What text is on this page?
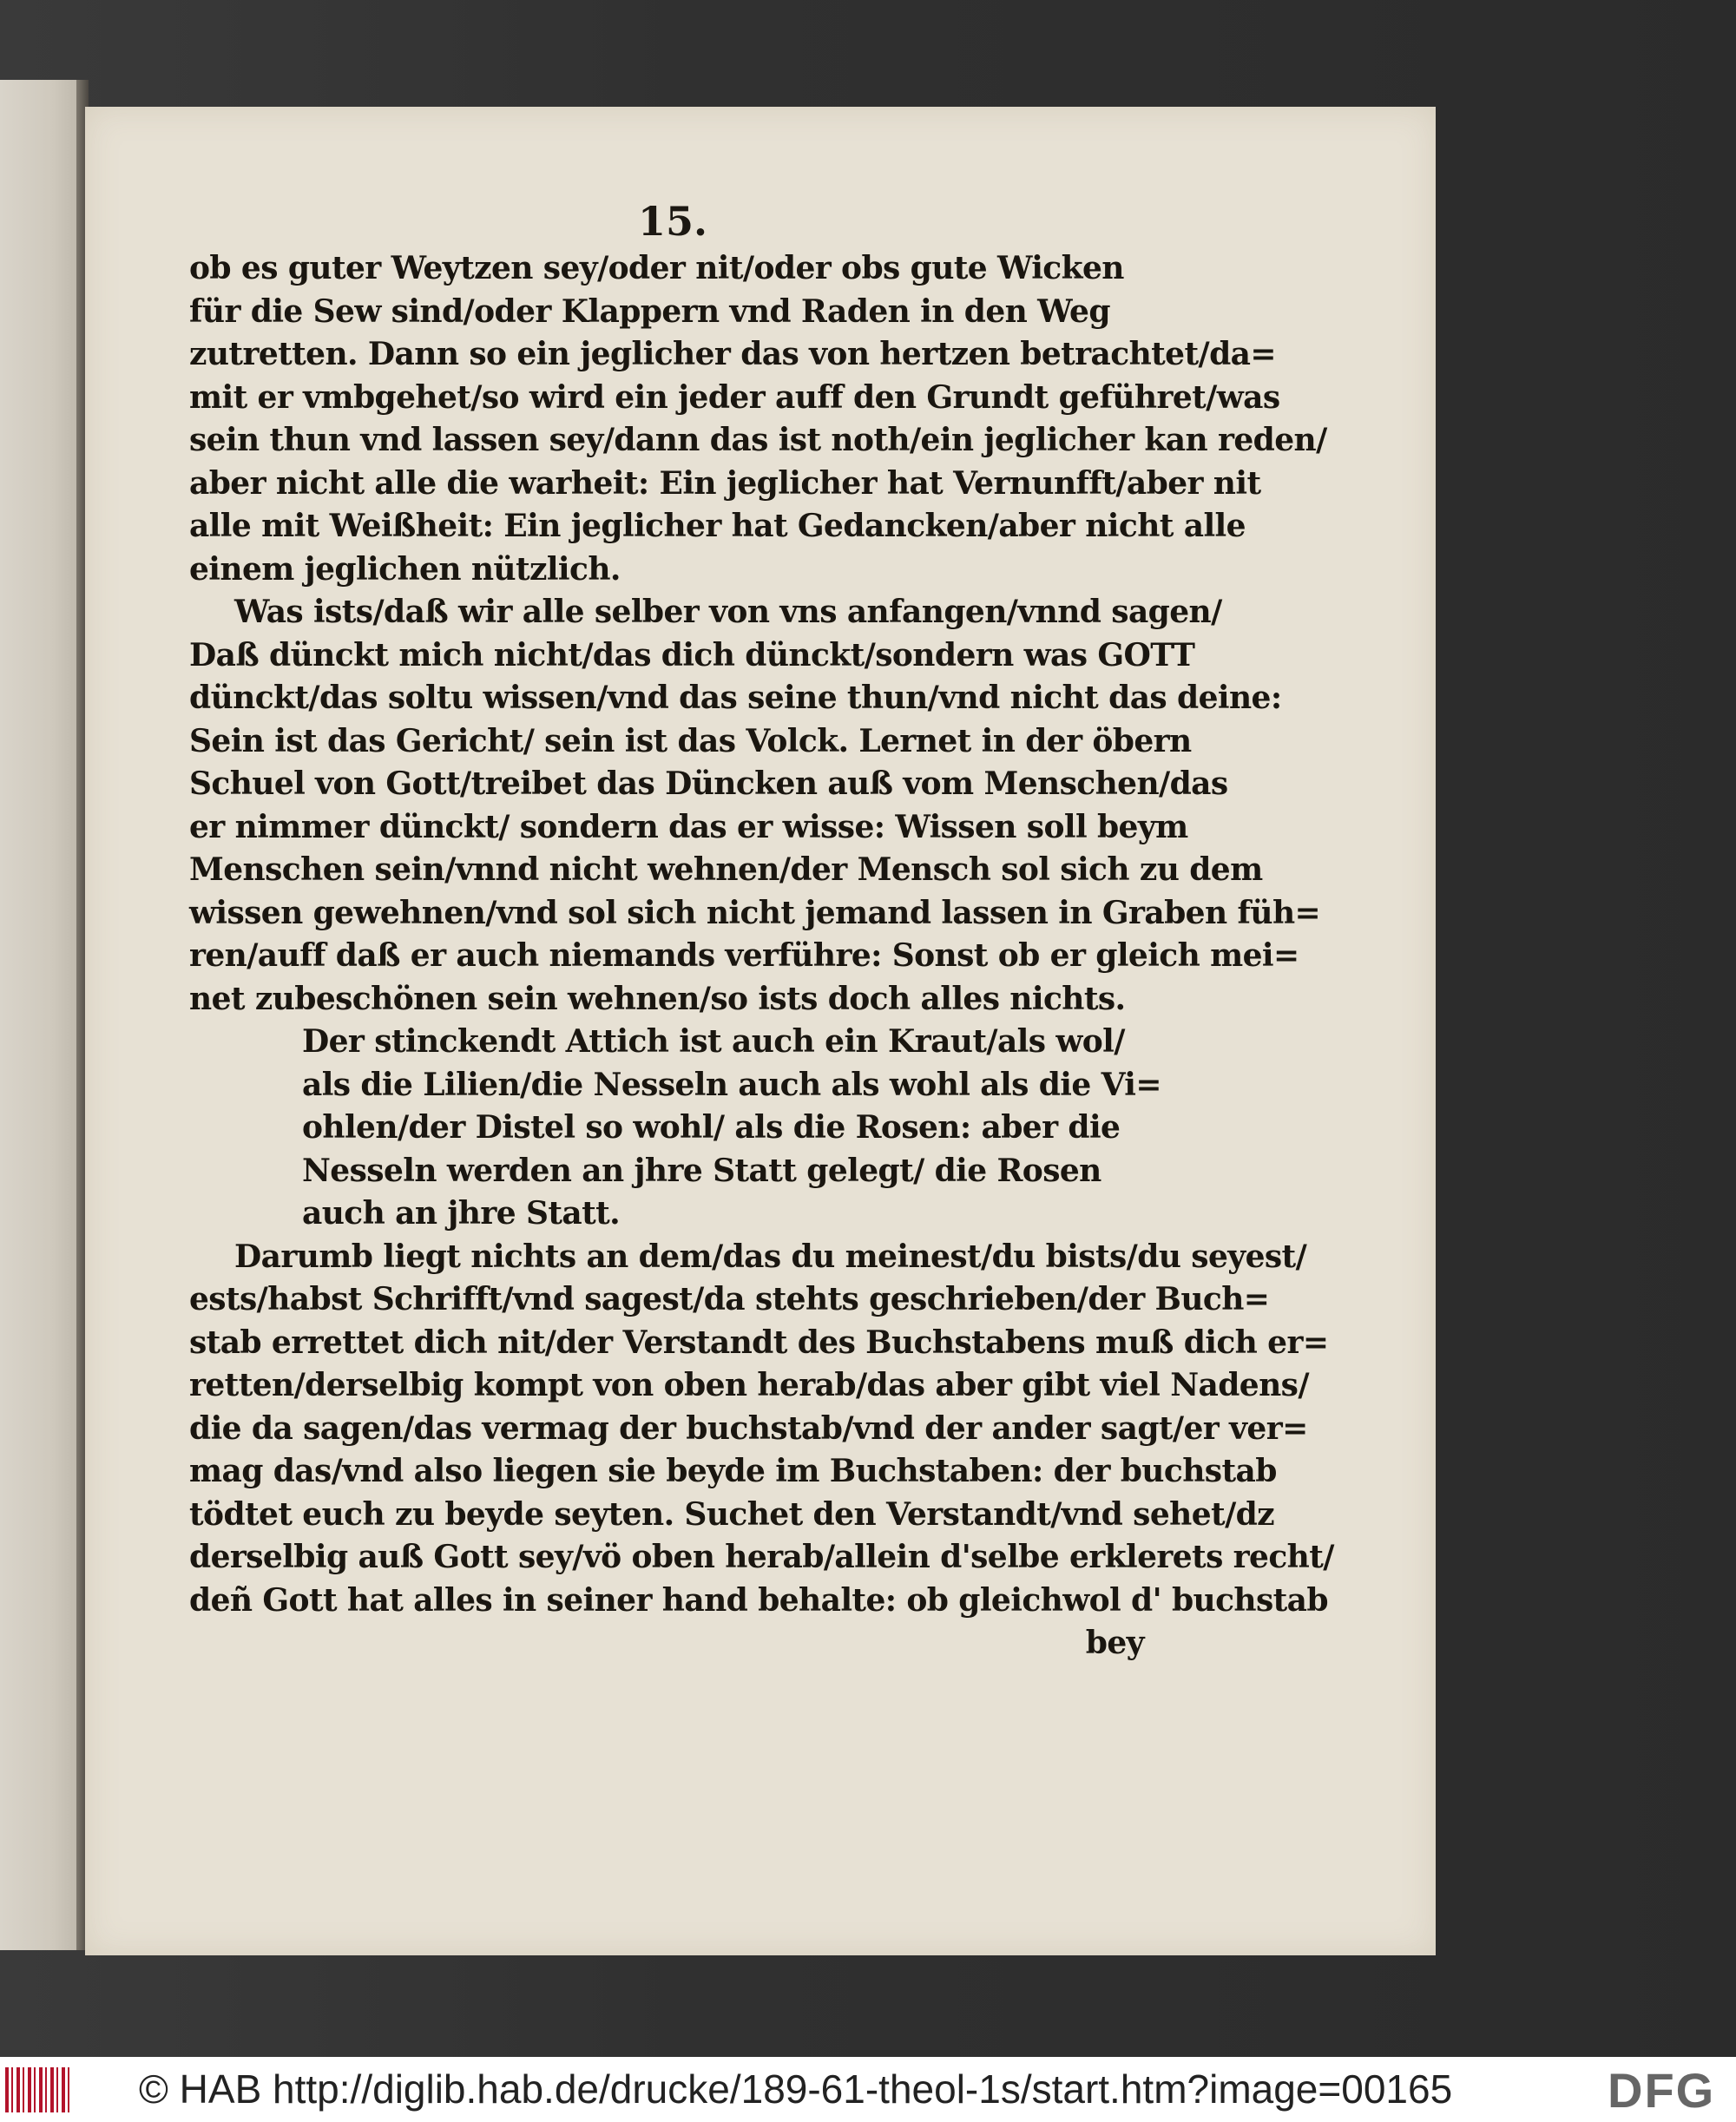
15.
ob es guter Weytzen sey/oder nit/oder obs gute Wicken
für die Sew sind/oder Klappern vnd Raden in den Weg
zutretten. Dann so ein jeglicher das von hertzen betrachtet/da=
mit er vmbgehet/so wird ein jeder auff den Grundt geführet/was
sein thun vnd lassen sey/dann das ist noth/ein jeglicher kan reden/
aber nicht alle die warheit: Ein jeglicher hat Vernunfft/aber nit
alle mit Weißheit: Ein jeglicher hat Gedancken/aber nicht alle
einem jeglichen nützlich.
Was ists/daß wir alle selber von vns anfangen/vnnd sagen/
Daß dünckt mich nicht/das dich dünckt/sondern was GOTT
dünckt/das soltu wissen/vnd das seine thun/vnd nicht das deine:
Sein ist das Gericht/ sein ist das Volck. Lernet in der öbern
Schuel von Gott/treibet das Düncken auß vom Menschen/das
er nimmer dünckt/ sondern das er wisse: Wissen soll beym
Menschen sein/vnnd nicht wehnen/der Mensch sol sich zu dem
wissen gewehnen/vnd sol sich nicht jemand lassen in Graben füh=
ren/auff daß er auch niemands verführe: Sonst ob er gleich mei=
net zubeschönen sein wehnen/so ists doch alles nichts.
Der stinckendt Attich ist auch ein Kraut/als wol/
als die Lilien/die Nesseln auch als wohl als die Vi=
ohlen/der Distel so wohl/ als die Rosen: aber die
Nesseln werden an jhre Statt gelegt/ die Rosen
auch an jhre Statt.
Darumb liegt nichts an dem/das du meinest/du bists/du seyest/
ests/habst Schrifft/vnd sagest/da stehts geschrieben/der Buch=
stab errettet dich nit/der Verstandt des Buchstabens muß dich er=
retten/derselbig kompt von oben herab/das aber gibt viel Nadens/
die da sagen/das vermag der buchstab/vnd der ander sagt/er ver=
mag das/vnd also liegen sie beyde im Buchstaben: der buchstab
tödtet euch zu beyde seyten. Suchet den Verstandt/vnd sehet/dz
derselbig auß Gott sey/vö oben herab/allein d'selbe erklerets recht/
deñ Gott hat alles in seiner hand behalte: ob gleichwol d' buchstab
bey
© HAB http://diglib.hab.de/drucke/189-61-theol-1s/start.htm?image=00165	DFG
